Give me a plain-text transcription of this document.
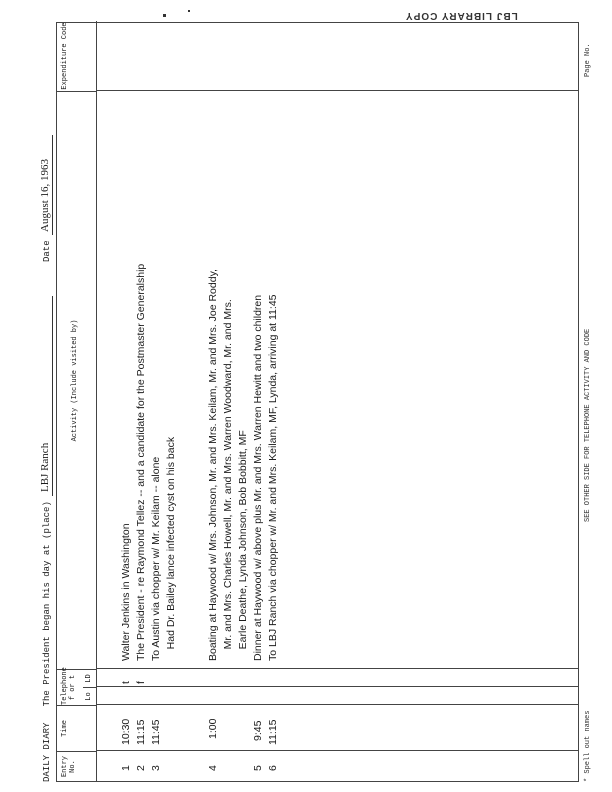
LBJ LIBRARY COPY
DAILY DIARY   The President began his day at (place)
LBJ Ranch
Date
August 16, 1963
Entry No.
Time
Telephone f or t	Lo
LD
Activity (Include visited by)
Expenditure Code
1
10:30
t
Walter Jenkins in Washington
2
11:15
f
The President - re Raymond Tellez -- and a candidate for the Postmaster Generalship
3
11:45
To Austin via chopper w/ Mr. Keilam -- alone Had Dr. Bailey lance infected cyst on his back
4
1:00
Boating at Haywood w/ Mrs. Johnson, Mr. and Mrs. Keilam, Mr. and Mrs. Joe Roddy, Mr. and Mrs. Charles Howell, Mr. and Mrs. Warren Woodward, Mr. and Mrs. Earle Deathe, Lynda Johnson, Bob Bobbitt, MF
5
9:45
Dinner at Haywood w/ above plus Mr. and Mrs. Warren Hewitt and two children
6
11:15
To LBJ Ranch via chopper w/ Mr. and Mrs. Keilam, MF, Lynda, arriving at 11:45
* Spell out names
SEE OTHER SIDE FOR TELEPHONE ACTIVITY AND CODE
Page No.
